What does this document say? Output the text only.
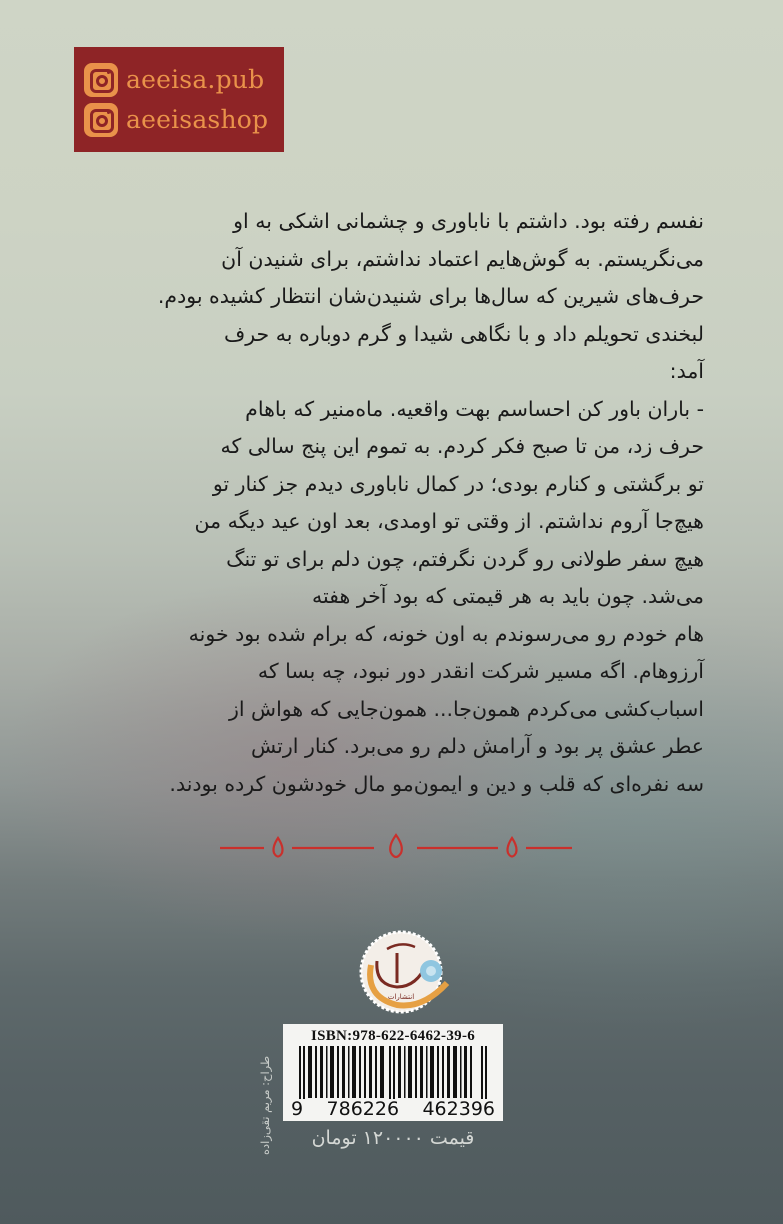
aeeisa.pub
aeeisashop

نفسم رفته بود. داشتم با ناباوری و چشمانی اشکی به او

می‌نگریستم. به گوش‌هایم اعتماد نداشتم، برای شنیدن آن

حرف‌های شیرین که سال‌ها برای شنیدن‌شان انتظار کشیده بودم.

لبخندی تحویلم داد و با نگاهی شیدا و گرم دوباره به حرف

آمد:

- باران باور کن احساسم بهت واقعیه. ماه‌منیر که باهام

حرف زد، من تا صبح فکر کردم. به تموم این پنج سالی که

تو برگشتی و کنارم بودی؛ در کمال ناباوری دیدم جز کنار تو

هیچ‌جا آروم نداشتم. از وقتی تو اومدی، بعد اون عید دیگه من

هیچ سفر طولانی رو گردن نگرفتم، چون دلم برای تو تنگ

می‌شد. چون باید به هر قیمتی که بود آخر هفته

هام خودم رو می‌رسوندم به اون خونه، که برام شده بود خونه

آرزوهام. اگه مسیر شرکت انقدر دور نبود، چه بسا که

اسباب‌کشی می‌کردم همون‌جا... همون‌جایی که هواش از

عطر عشق پر بود و آرامش دلم رو می‌برد. کنار ارتش

سه نفره‌ای که قلب و دین و ایمون‌مو مال خودشون کرده بودند.

انتشارات
طراح: مریم تقی‌زاده
ISBN:978-622-6462-39-6
9 786226 462396
قیمت ۱۲۰۰۰۰ تومان
